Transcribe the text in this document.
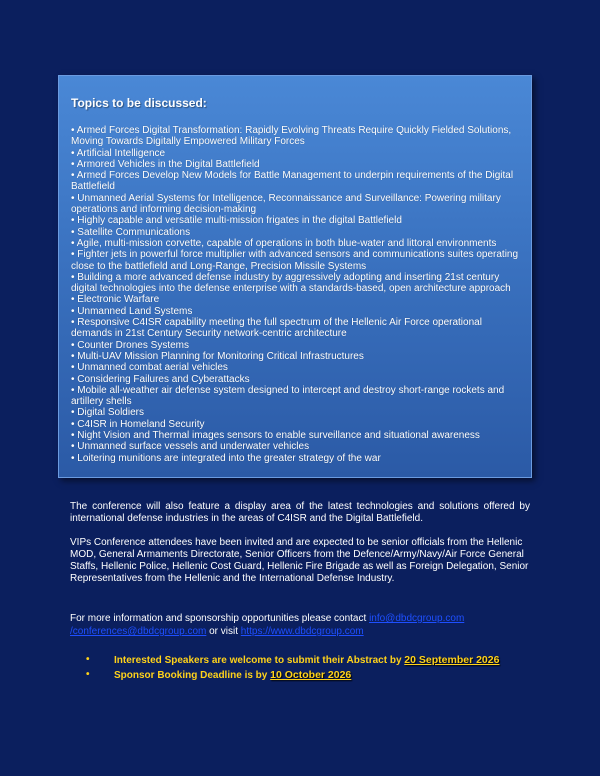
Topics to be discussed:
• Armed Forces Digital Transformation: Rapidly Evolving Threats Require Quickly Fielded Solutions, Moving Towards Digitally Empowered Military Forces
• Artificial Intelligence
• Armored Vehicles in the Digital Battlefield
• Armed Forces Develop New Models for Battle Management to underpin requirements of the Digital Battlefield
• Unmanned Aerial Systems for Intelligence, Reconnaissance and Surveillance: Powering military operations and informing decision-making
• Highly capable and versatile multi-mission frigates in the digital Battlefield
• Satellite Communications
• Agile, multi-mission corvette, capable of operations in both blue-water and littoral environments
• Fighter jets in powerful force multiplier with advanced sensors and communications suites operating close to the battlefield and Long-Range, Precision Missile Systems
• Building a more advanced defense industry by aggressively adopting and inserting 21st century digital technologies into the defense enterprise with a standards-based, open architecture approach
• Electronic Warfare
• Unmanned Land Systems
• Responsive C4ISR capability meeting the full spectrum of the Hellenic Air Force operational demands in 21st Century Security network-centric architecture
• Counter Drones Systems
• Multi-UAV Mission Planning for Monitoring Critical Infrastructures
• Unmanned combat aerial vehicles
• Considering Failures and Cyberattacks
• Mobile all-weather air defense system designed to intercept and destroy short-range rockets and artillery shells
• Digital Soldiers
• C4ISR in Homeland Security
• Night Vision and Thermal images sensors to enable surveillance and situational awareness
• Unmanned surface vessels and underwater vehicles
• Loitering munitions are integrated into the greater strategy of the war
The conference will also feature a display area of the latest technologies and solutions offered by international defense industries in the areas of C4ISR and the Digital Battlefield.
VIPs Conference attendees have been invited and are expected to be senior officials from the Hellenic MOD, General Armaments Directorate, Senior Officers from the Defence/Army/Navy/Air Force General Staffs, Hellenic Police, Hellenic Cost Guard, Hellenic Fire Brigade as well as Foreign Delegation, Senior Representatives from the Hellenic and the International Defense Industry.
For more information and sponsorship opportunities please contact info@dbdcgroup.com /conferences@dbdcgroup.com or visit https://www.dbdcgroup.com
•	Interested Speakers are welcome to submit their Abstract by 20 September 2026
•	Sponsor Booking Deadline is by 10 October 2026
